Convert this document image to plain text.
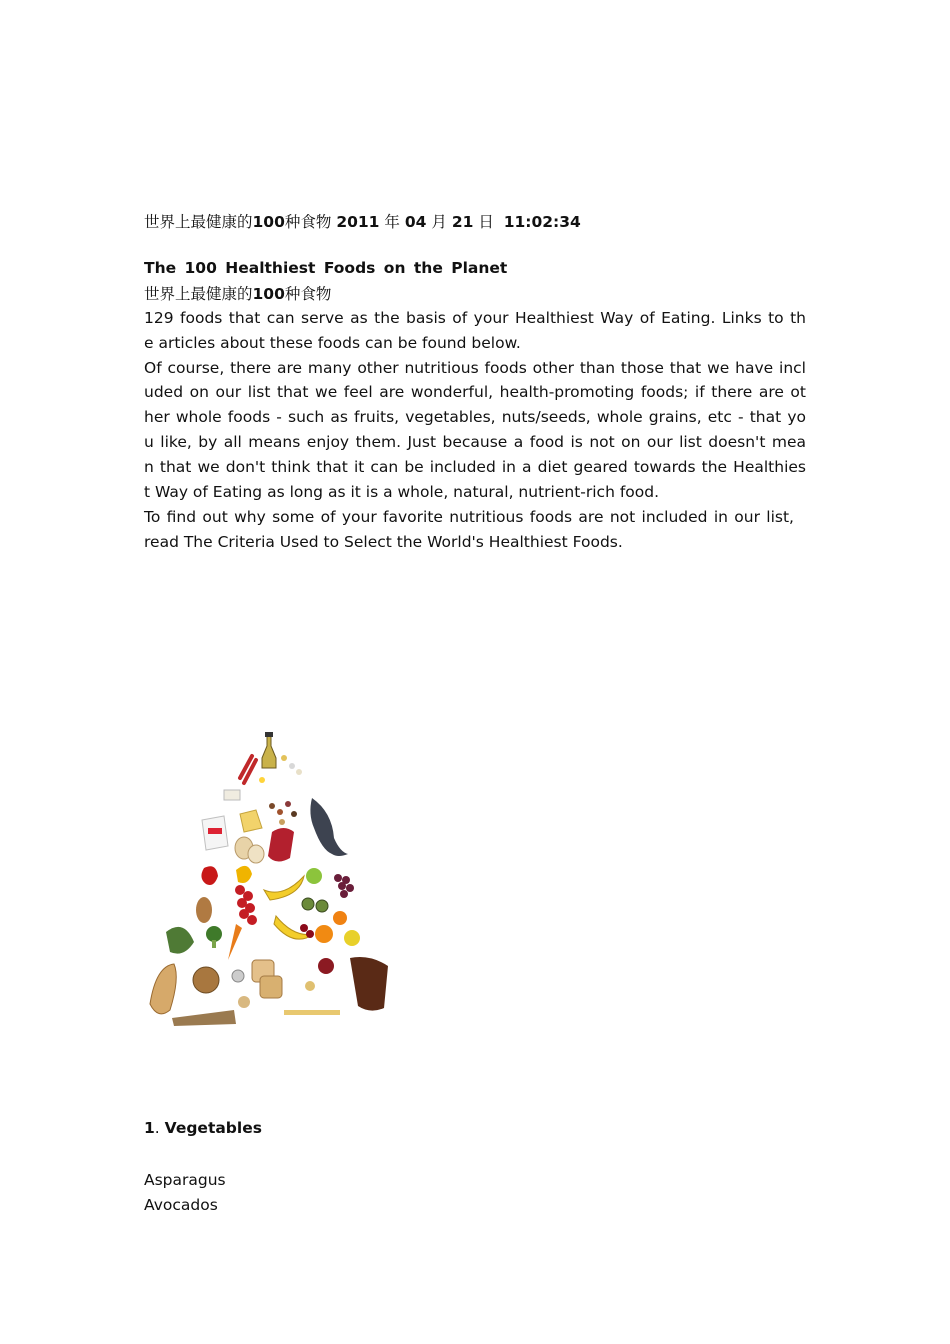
世界上最健康的100种食物 2011 年 04 月 21 日 11:02:34
The 100 Healthiest Foods on the Planet
世界上最健康的100种食物
129 foods that can serve as the basis of your Healthiest Way of Eating. Links to th
e articles about these foods can be found below.
Of course, there are many other nutritious foods other than those that we have incl
uded on our list that we feel are wonderful, health-promoting foods; if there are ot
her whole foods - such as fruits, vegetables, nuts/seeds, whole grains, etc - that yo
u like, by all means enjoy them. Just because a food is not on our list doesn't mea
n that we don't think that it can be included in a diet geared towards the Healthies
t Way of Eating as long as it is a whole, natural, nutrient-rich food.
To find out why some of your favorite nutritious foods are not included in our list,
read The Criteria Used to Select the World's Healthiest Foods.
1. Vegetables
Asparagus
Avocados
